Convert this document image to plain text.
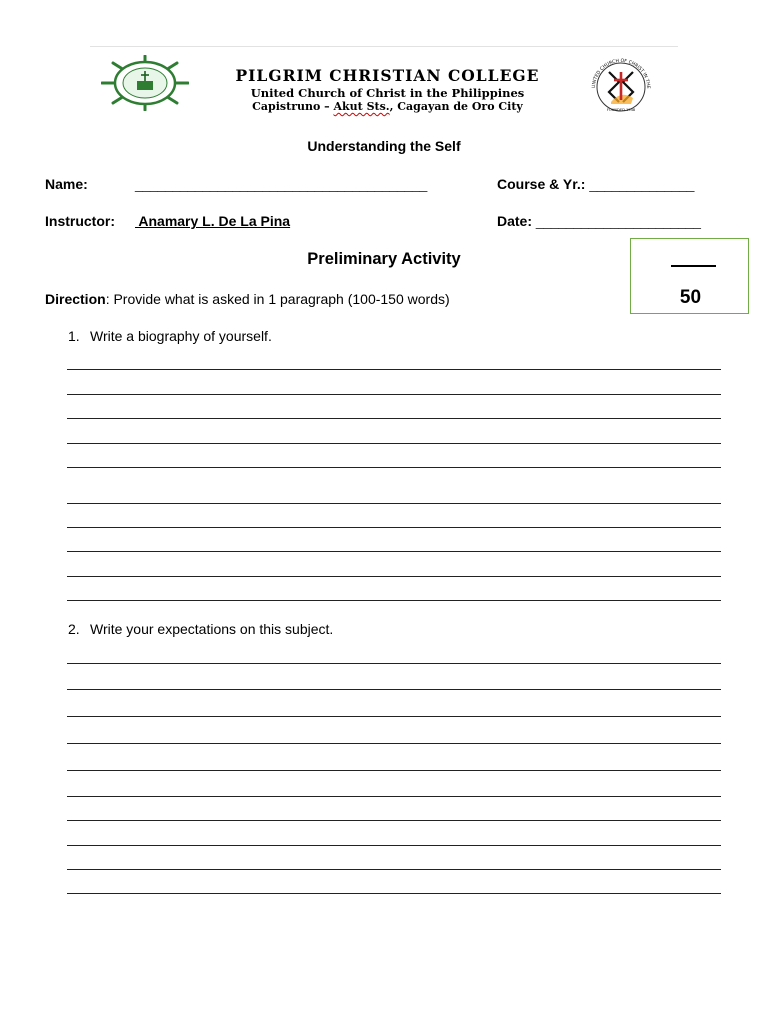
PILGRIM CHRISTIAN COLLEGE
United Church of Christ in the Philippines
Capistruno – Akut Sts., Cagayan de Oro City
UNITED CHURCH OF CHRIST IN THE
FOUNDED 1948
Understanding the Self
Name:	_______________________________________	Course & Yr.: ______________
Instructor: Anamary L. De La Pina	Date: ______________________
Preliminary Activity
50
Direction: Provide what is asked in 1 paragraph (100-150 words)
1. Write a biography of yourself.
2. Write your expectations on this subject.
